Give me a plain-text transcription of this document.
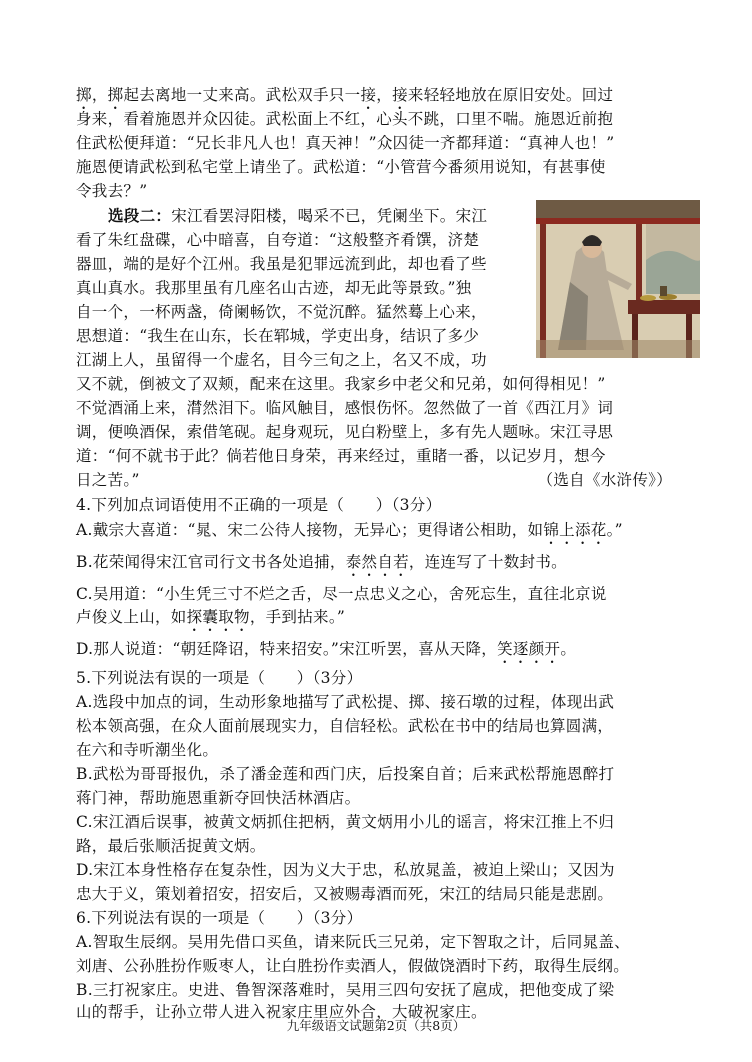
掷，掷起去离地一丈来高。武松双手只一接，接来轻轻地放在原旧安处。回过
身来，看着施恩并众囚徒。武松面上不红，心头不跳，口里不喘。施恩近前抱
住武松便拜道：“兄长非凡人也！真天神！”众囚徒一齐都拜道：“真神人也！”
施恩便请武松到私宅堂上请坐了。武松道：“小管营今番须用说知，有甚事使
令我去？”
选段二：宋江看罢浔阳楼，喝采不已，凭阑坐下。宋江
看了朱红盘碟，心中暗喜，自夸道：“这般整齐肴馔，济楚
器皿，端的是好个江州。我虽是犯罪远流到此，却也看了些
真山真水。我那里虽有几座名山古迹，却无此等景致。”独
自一个，一杯两盏，倚阑畅饮，不觉沉醉。猛然蓦上心来，
思想道：“我生在山东，长在郓城，学吏出身，结识了多少
江湖上人，虽留得一个虚名，目今三旬之上，名又不成，功
又不就，倒被文了双颊，配来在这里。我家乡中老父和兄弟，如何得相见！”
不觉酒涌上来，潸然泪下。临风触目，感恨伤怀。忽然做了一首《西江月》词
调，便唤酒保，索借笔砚。起身观玩，见白粉壁上，多有先人题咏。宋江寻思
道：“何不就书于此？倘若他日身荣，再来经过，重睹一番，以记岁月，想今
日之苦。”	（选自《水浒传》）
4.下列加点词语使用不正确的一项是（　　）（3分）
A.戴宗大喜道：“晁、宋二公待人接物，无异心；更得诸公相助，如锦上添花。”
B.花荣闻得宋江官司行文书各处追捕，泰然自若，连连写了十数封书。
C.吴用道：“小生凭三寸不烂之舌，尽一点忠义之心，舍死忘生，直往北京说
卢俊义上山，如探囊取物，手到拈来。”
D.那人说道：“朝廷降诏，特来招安。”宋江听罢，喜从天降，笑逐颜开。
5.下列说法有误的一项是（　　）（3分）
A.选段中加点的词，生动形象地描写了武松提、掷、接石墩的过程，体现出武
松本领高强，在众人面前展现实力，自信轻松。武松在书中的结局也算圆满，
在六和寺听潮坐化。
B.武松为哥哥报仇，杀了潘金莲和西门庆，后投案自首；后来武松帮施恩醉打
蒋门神，帮助施恩重新夺回快活林酒店。
C.宋江酒后误事，被黄文炳抓住把柄，黄文炳用小儿的谣言，将宋江推上不归
路，最后张顺活捉黄文炳。
D.宋江本身性格存在复杂性，因为义大于忠，私放晁盖，被迫上梁山；又因为
忠大于义，策划着招安，招安后，又被赐毒酒而死，宋江的结局只能是悲剧。
6.下列说法有误的一项是（　　）（3分）
A.智取生辰纲。吴用先借口买鱼，请来阮氏三兄弟，定下智取之计，后同晁盖、
刘唐、公孙胜扮作贩枣人，让白胜扮作卖酒人，假做饶酒时下药，取得生辰纲。
B.三打祝家庄。史进、鲁智深落难时，吴用三四句安抚了扈成，把他变成了梁
山的帮手，让孙立带人进入祝家庄里应外合，大破祝家庄。
九年级语文试题第2页（共8页）
